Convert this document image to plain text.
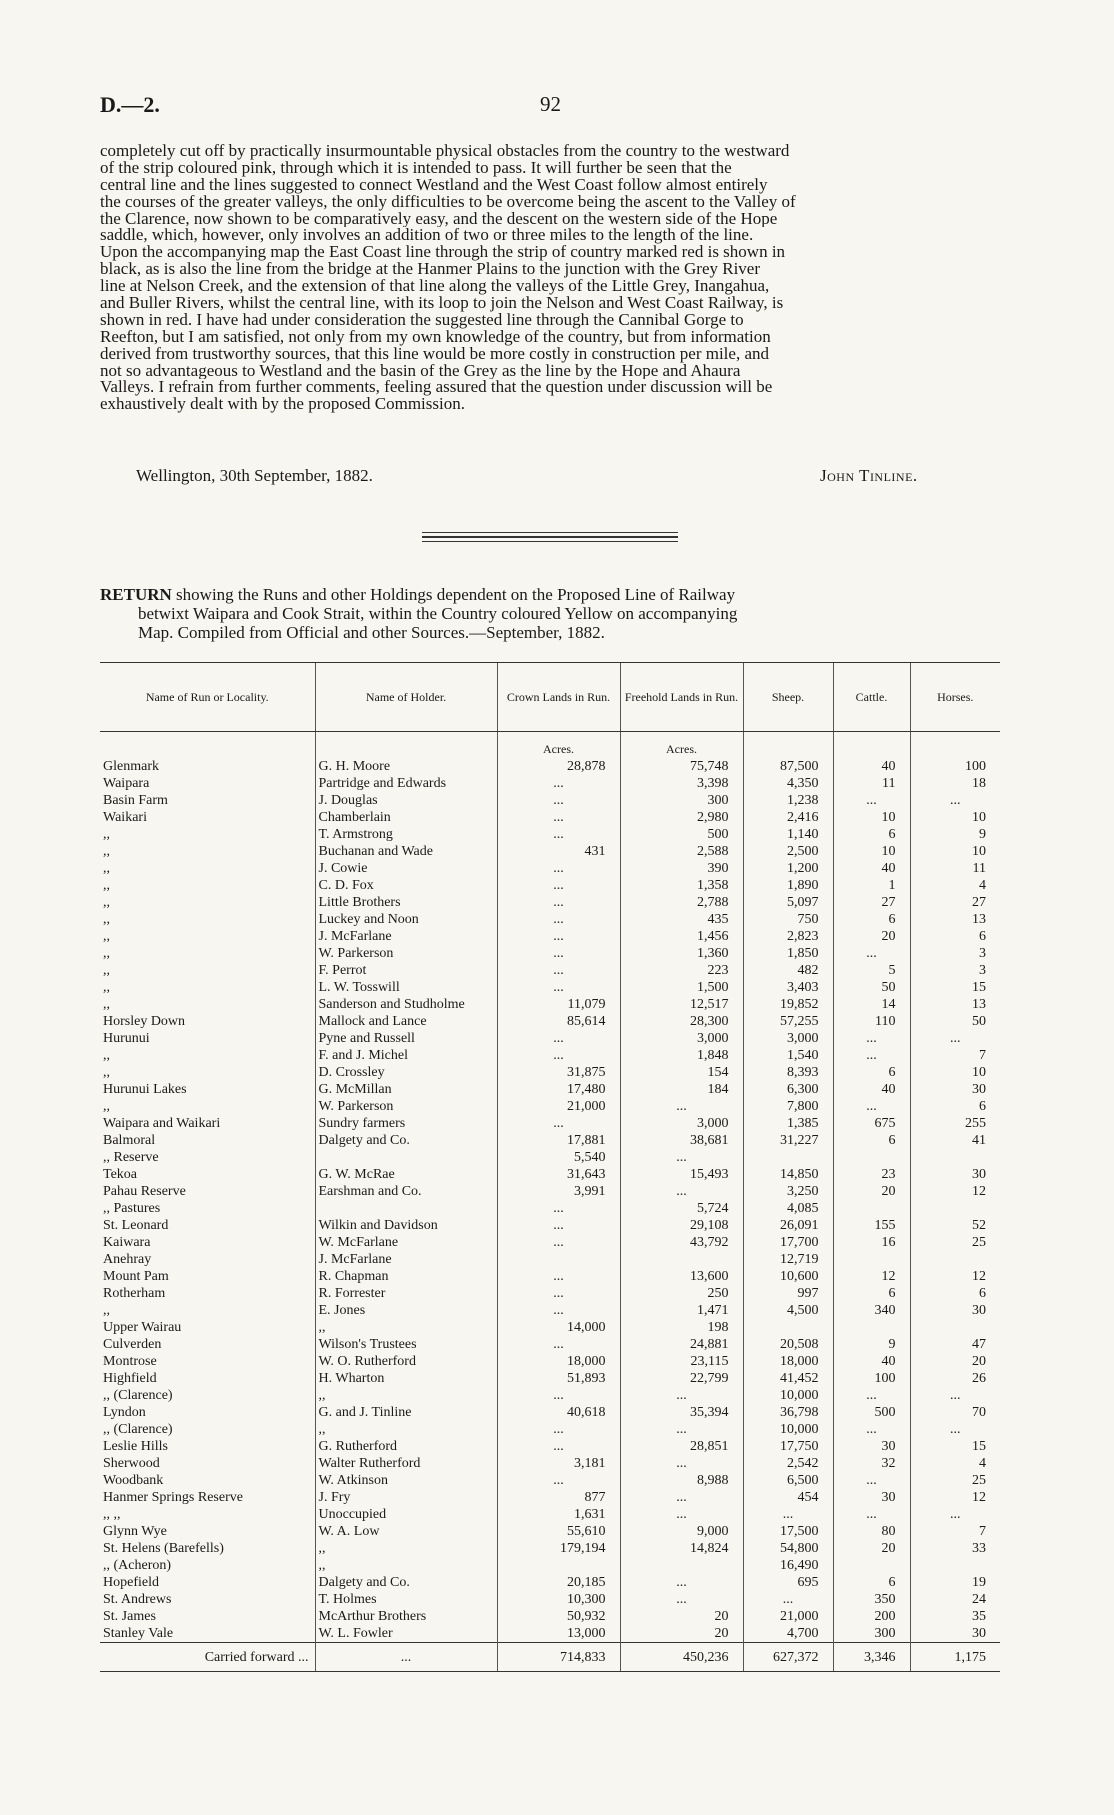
D.—2.	92
completely cut off by practically insurmountable physical obstacles from the country to the westward
of the strip coloured pink, through which it is intended to pass. It will further be seen that the
central line and the lines suggested to connect Westland and the West Coast follow almost entirely
the courses of the greater valleys, the only difficulties to be overcome being the ascent to the Valley of
the Clarence, now shown to be comparatively easy, and the descent on the western side of the Hope
saddle, which, however, only involves an addition of two or three miles to the length of the line.
Upon the accompanying map the East Coast line through the strip of country marked red is shown in
black, as is also the line from the bridge at the Hanmer Plains to the junction with the Grey River
line at Nelson Creek, and the extension of that line along the valleys of the Little Grey, Inangahua,
and Buller Rivers, whilst the central line, with its loop to join the Nelson and West Coast Railway, is
shown in red. I have had under consideration the suggested line through the Cannibal Gorge to
Reefton, but I am satisfied, not only from my own knowledge of the country, but from information
derived from trustworthy sources, that this line would be more costly in construction per mile, and
not so advantageous to Westland and the basin of the Grey as the line by the Hope and Ahaura
Valleys. I refrain from further comments, feeling assured that the question under discussion will be
exhaustively dealt with by the proposed Commission.
Wellington, 30th September, 1882.	John Tinline.
RETURN showing the Runs and other Holdings dependent on the Proposed Line of Railway
betwixt Waipara and Cook Strait, within the Country coloured Yellow on accompanying
Map. Compiled from Official and other Sources.—September, 1882.
Name of Run or Locality.	Name of Holder.	Crown Lands in Run.	Freehold Lands in Run.	Sheep.	Cattle.	Horses.
		Acres.	Acres.			
Glenmark	G. H. Moore	28,878	75,748	87,500	40	100
Waipara	Partridge and Edwards	...	3,398	4,350	11	18
Basin Farm	J. Douglas	...	300	1,238	...	...
Waikari	Chamberlain	...	2,980	2,416	10	10
,,	T. Armstrong	...	500	1,140	6	9
,,	Buchanan and Wade	431	2,588	2,500	10	10
,,	J. Cowie	...	390	1,200	40	11
,,	C. D. Fox	...	1,358	1,890	1	4
,,	Little Brothers	...	2,788	5,097	27	27
,,	Luckey and Noon	...	435	750	6	13
,,	J. McFarlane	...	1,456	2,823	20	6
,,	W. Parkerson	...	1,360	1,850	...	3
,,	F. Perrot	...	223	482	5	3
,,	L. W. Tosswill	...	1,500	3,403	50	15
,,	Sanderson and Studholme	11,079	12,517	19,852	14	13
Horsley Down	Mallock and Lance	85,614	28,300	57,255	110	50
Hurunui	Pyne and Russell	...	3,000	3,000	...	...
,,	F. and J. Michel	...	1,848	1,540	...	7
,,	D. Crossley	31,875	154	8,393	6	10
Hurunui Lakes	G. McMillan	17,480	184	6,300	40	30
,,	W. Parkerson	21,000	...	7,800	...	6
Waipara and Waikari	Sundry farmers	...	3,000	1,385	675	255
Balmoral	Dalgety and Co.	17,881	38,681	31,227	6	41
,, Reserve		5,540	...			
Tekoa	G. W. McRae	31,643	15,493	14,850	23	30
Pahau Reserve	Earshman and Co.	3,991	...	3,250	20	12
,, Pastures		...	5,724	4,085		
St. Leonard	Wilkin and Davidson	...	29,108	26,091	155	52
Kaiwara	W. McFarlane	...	43,792	17,700	16	25
Anehray	J. McFarlane			12,719		
Mount Pam	R. Chapman	...	13,600	10,600	12	12
Rotherham	R. Forrester	...	250	997	6	6
,,	E. Jones	...	1,471	4,500	340	30
Upper Wairau	,,	14,000	198			
Culverden	Wilson's Trustees	...	24,881	20,508	9	47
Montrose	W. O. Rutherford	18,000	23,115	18,000	40	20
Highfield	H. Wharton	51,893	22,799	41,452	100	26
,, (Clarence)	,,	...	...	10,000	...	...
Lyndon	G. and J. Tinline	40,618	35,394	36,798	500	70
,, (Clarence)	,,	...	...	10,000	...	...
Leslie Hills	G. Rutherford	...	28,851	17,750	30	15
Sherwood	Walter Rutherford	3,181	...	2,542	32	4
Woodbank	W. Atkinson	...	8,988	6,500	...	25
Hanmer Springs Reserve	J. Fry	877	...	454	30	12
,, ,,	Unoccupied	1,631	...	...	...	...
Glynn Wye	W. A. Low	55,610	9,000	17,500	80	7
St. Helens (Barefells)	,,	179,194	14,824	54,800	20	33
,, (Acheron)	,,			16,490		
Hopefield	Dalgety and Co.	20,185	...	695	6	19
St. Andrews	T. Holmes	10,300	...	...	350	24
St. James	McArthur Brothers	50,932	20	21,000	200	35
Stanley Vale	W. L. Fowler	13,000	20	4,700	300	30
Carried forward ...	...	714,833	450,236	627,372	3,346	1,175
